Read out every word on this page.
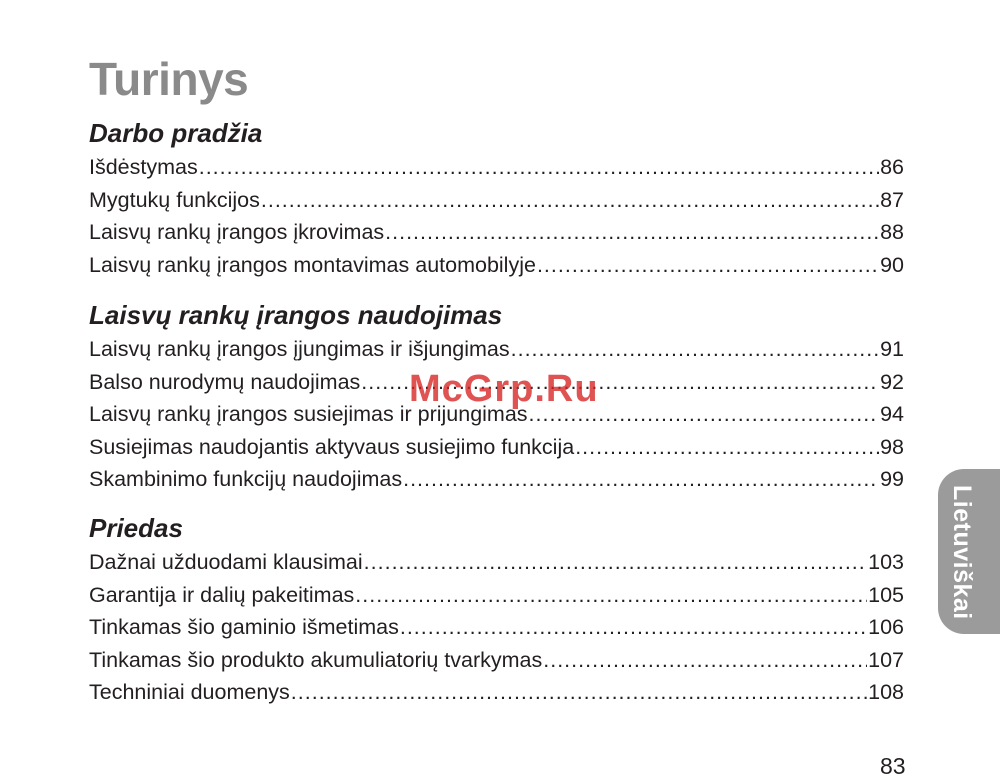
Turinys
Darbo pradžia
Išdėstymas .....	86
Mygtukų funkcijos .....	87
Laisvų rankų įrangos įkrovimas .....	88
Laisvų rankų įrangos montavimas automobilyje .....	90
Laisvų rankų įrangos naudojimas
Laisvų rankų įrangos įjungimas ir išjungimas .....	91
Balso nurodymų naudojimas .....	92
Laisvų rankų įrangos susiejimas ir prijungimas .....	94
Susiejimas naudojantis aktyvaus susiejimo funkcija .....	98
Skambinimo funkcijų naudojimas .....	99
Priedas
Dažnai užduodami klausimai .....	103
Garantija ir dalių pakeitimas .....	105
Tinkamas šio gaminio išmetimas .....	106
Tinkamas šio produkto akumuliatorių tvarkymas .....	107
Techniniai duomenys .....	108
Lietuviškai
McGrp.Ru
83
